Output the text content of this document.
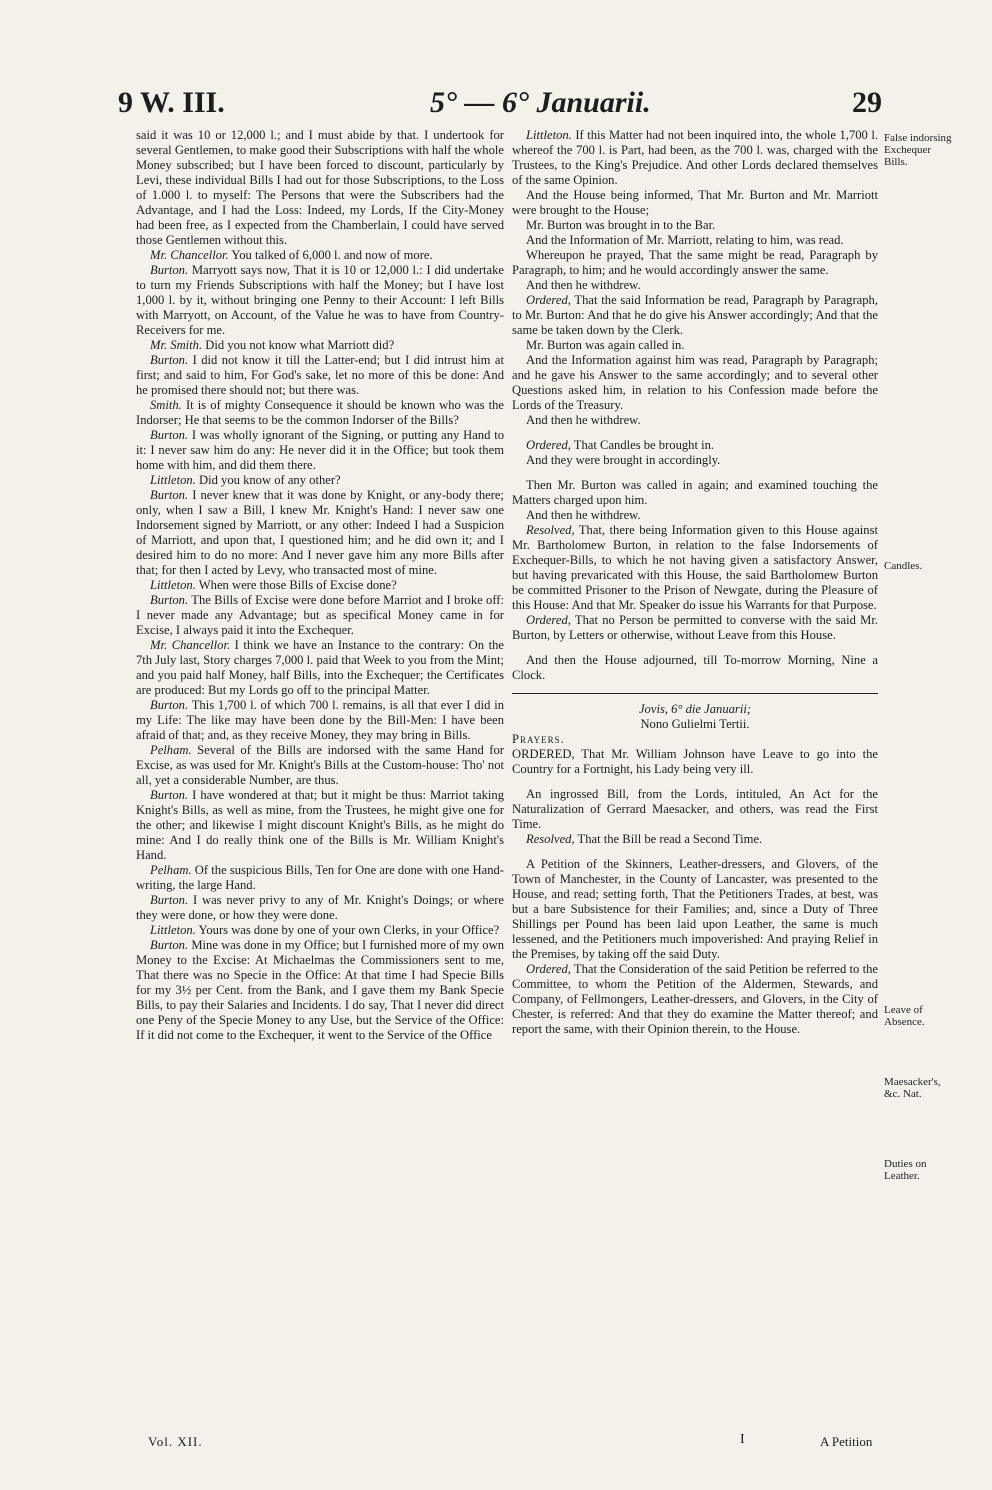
9 W. III.	5° — 6° Januarii.	29

said it was 10 or 12,000 l.; and I must abide by that. I undertook for several Gentlemen, to make good their Subscriptions with half the whole Money subscribed; but I have been forced to discount, particularly by Levi, these individual Bills I had out for those Subscriptions, to the Loss of 1.000 l. to myself: The Persons that were the Subscribers had the Advantage, and I had the Loss: Indeed, my Lords, If the City-Money had been free, as I expected from the Chamberlain, I could have served those Gentlemen without this.

Mr. Chancellor. You talked of 6,000 l. and now of more.

Burton. Marryott says now, That it is 10 or 12,000 l.: I did undertake to turn my Friends Subscriptions with half the Money; but I have lost 1,000 l. by it, without bringing one Penny to their Account: I left Bills with Marryott, on Account, of the Value he was to have from Country-Receivers for me.

Mr. Smith. Did you not know what Marriott did?

Burton. I did not know it till the Latter-end; but I did intrust him at first; and said to him, For God's sake, let no more of this be done: And he promised there should not; but there was.

Smith. It is of mighty Consequence it should be known who was the Indorser; He that seems to be the common Indorser of the Bills?

Burton. I was wholly ignorant of the Signing, or putting any Hand to it: I never saw him do any: He never did it in the Office; but took them home with him, and did them there.

Littleton. Did you know of any other?

Burton. I never knew that it was done by Knight, or any-body there; only, when I saw a Bill, I knew Mr. Knight's Hand: I never saw one Indorsement signed by Marriott, or any other: Indeed I had a Suspicion of Marriott, and upon that, I questioned him; and he did own it; and I desired him to do no more: And I never gave him any more Bills after that; for then I acted by Levy, who transacted most of mine.

Littleton. When were those Bills of Excise done?

Burton. The Bills of Excise were done before Marriot and I broke off: I never made any Advantage; but as specifical Money came in for Excise, I always paid it into the Exchequer.

Mr. Chancellor. I think we have an Instance to the contrary: On the 7th July last, Story charges 7,000 l. paid that Week to you from the Mint; and you paid half Money, half Bills, into the Exchequer; the Certificates are produced: But my Lords go off to the principal Matter.

Burton. This 1,700 l. of which 700 l. remains, is all that ever I did in my Life: The like may have been done by the Bill-Men: I have been afraid of that; and, as they receive Money, they may bring in Bills.

Pelham. Several of the Bills are indorsed with the same Hand for Excise, as was used for Mr. Knight's Bills at the Custom-house: Tho' not all, yet a considerable Number, are thus.

Burton. I have wondered at that; but it might be thus: Marriot taking Knight's Bills, as well as mine, from the Trustees, he might give one for the other; and likewise I might discount Knight's Bills, as he might do mine: And I do really think one of the Bills is Mr. William Knight's Hand.

Pelham. Of the suspicious Bills, Ten for One are done with one Hand-writing, the large Hand.

Burton. I was never privy to any of Mr. Knight's Doings; or where they were done, or how they were done.

Littleton. Yours was done by one of your own Clerks, in your Office?

Burton. Mine was done in my Office; but I furnished more of my own Money to the Excise: At Michaelmas the Commissioners sent to me, That there was no Specie in the Office: At that time I had Specie Bills for my 3½ per Cent. from the Bank, and I gave them my Bank Specie Bills, to pay their Salaries and Incidents. I do say, That I never did direct one Peny of the Specie Money to any Use, but the Service of the Office: If it did not come to the Exchequer, it went to the Service of the Office

Littleton. If this Matter had not been inquired into, the whole 1,700 l. whereof the 700 l. is Part, had been, as the 700 l. was, charged with the Trustees, to the King's Prejudice. And other Lords declared themselves of the same Opinion.

And the House being informed, That Mr. Burton and Mr. Marriott were brought to the House;

Mr. Burton was brought in to the Bar.

And the Information of Mr. Marriott, relating to him, was read.

Whereupon he prayed, That the same might be read, Paragraph by Paragraph, to him; and he would accordingly answer the same.

And then he withdrew.

Ordered, That the said Information be read, Paragraph by Paragraph, to Mr. Burton: And that he do give his Answer accordingly; And that the same be taken down by the Clerk.

Mr. Burton was again called in.

And the Information against him was read, Paragraph by Paragraph; and he gave his Answer to the same accordingly; and to several other Questions asked him, in relation to his Confession made before the Lords of the Treasury.

And then he withdrew.

Ordered, That Candles be brought in.

And they were brought in accordingly.

Then Mr. Burton was called in again; and examined touching the Matters charged upon him.

And then he withdrew.

Resolved, That, there being Information given to this House against Mr. Bartholomew Burton, in relation to the false Indorsements of Exchequer-Bills, to which he not having given a satisfactory Answer, but having prevaricated with this House, the said Bartholomew Burton be committed Prisoner to the Prison of Newgate, during the Pleasure of this House: And that Mr. Speaker do issue his Warrants for that Purpose.

Ordered, That no Person be permitted to converse with the said Mr. Burton, by Letters or otherwise, without Leave from this House.

And then the House adjourned, till To-morrow Morning, Nine a Clock.

Jovis, 6° die Januarii;

Nono Gulielmi Tertii.

Prayers.

ORDERED, That Mr. William Johnson have Leave to go into the Country for a Fortnight, his Lady being very ill.

An ingrossed Bill, from the Lords, intituled, An Act for the Naturalization of Gerrard Maesacker, and others, was read the First Time.

Resolved, That the Bill be read a Second Time.

A Petition of the Skinners, Leather-dressers, and Glovers, of the Town of Manchester, in the County of Lancaster, was presented to the House, and read; setting forth, That the Petitioners Trades, at best, was but a bare Subsistence for their Families; and, since a Duty of Three Shillings per Pound has been laid upon Leather, the same is much lessened, and the Petitioners much impoverished: And praying Relief in the Premises, by taking off the said Duty.

Ordered, That the Consideration of the said Petition be referred to the Committee, to whom the Petition of the Aldermen, Stewards, and Company, of Fellmongers, Leather-dressers, and Glovers, in the City of Chester, is referred: And that they do examine the Matter thereof; and report the same, with their Opinion therein, to the House.

False indorsing Exchequer Bills.
Candles.
Leave of Absence.
Maesacker's, &c. Nat.
Duties on Leather.
Vol. XII.	I	A Petition
